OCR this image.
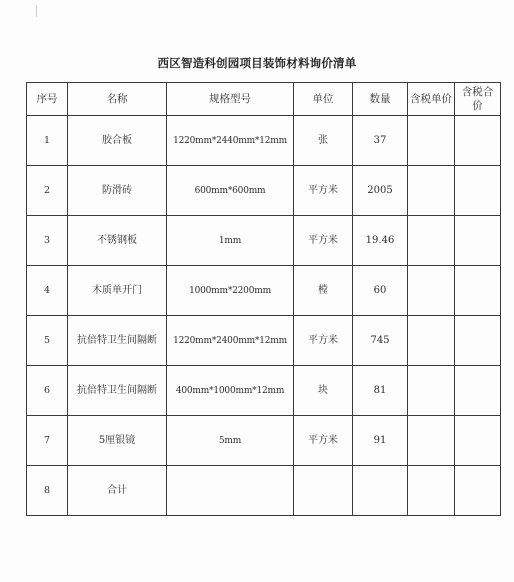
西区智造科创园项目装饰材料询价清单
序号	名称	规格型号	单位	数量	含税单价	含税合价
1	胶合板	1220mm*2440mm*12mm	张	37		
2	防滑砖	600mm*600mm	平方米	2005		
3	不锈钢板	1mm	平方米	19.46		
4	木质单开门	1000mm*2200mm	樘	60		
5	抗倍特卫生间隔断	1220mm*2400mm*12mm	平方米	745		
6	抗倍特卫生间隔断	400mm*1000mm*12mm	块	81		
7	5厘银镜	5mm	平方米	91		
8	合计					
